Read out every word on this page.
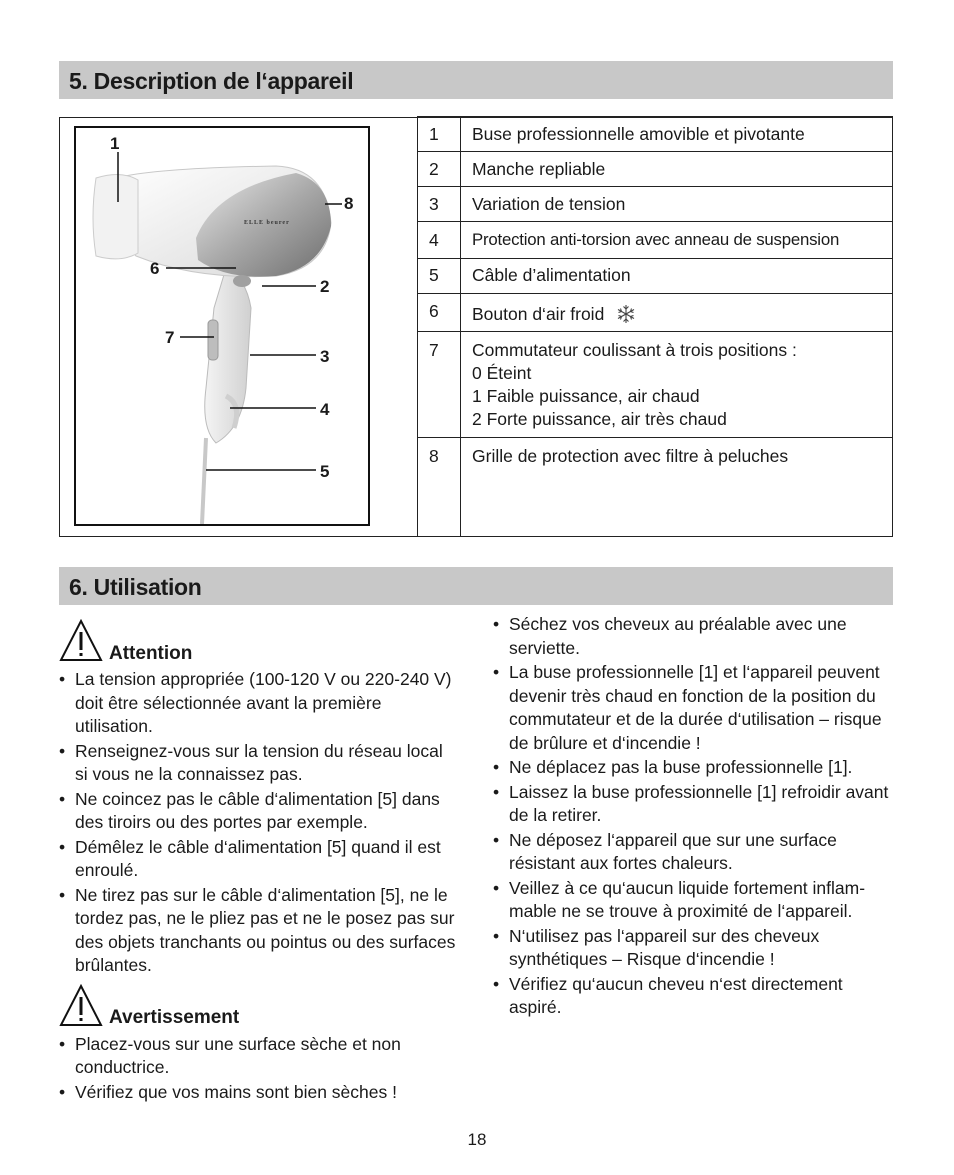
5. Description de l‘appareil
ELLE beurer
1
2
3
4
5
6
7
8
1	Buse professionnelle amovible et pivotante
2	Manche repliable
3	Variation de tension
4	Protection anti-torsion avec anneau de suspension
5	Câble d’alimentation
6	Bouton d‘air froid
7	Commutateur coulissant à trois positions :
0 Éteint
1 Faible puissance, air chaud
2 Forte puissance, air très chaud

8	Grille de protection avec filtre à peluches
6. Utilisation
Attention
• La tension appropriée (100-120 V ou 220-240 V) doit être sélectionnée avant la première utilisation.
• Renseignez-vous sur la tension du réseau local si vous ne la connaissez pas.
• Ne coincez pas le câble d‘alimentation [5] dans des tiroirs ou des portes par exemple.
• Démêlez le câble d‘alimentation [5] quand il est enroulé.
• Ne tirez pas sur le câble d‘alimentation [5], ne le tordez pas, ne le pliez pas et ne le posez pas sur des objets tranchants ou pointus ou des surfaces brûlantes.
Avertissement
• Placez-vous sur une surface sèche et non conductrice.
• Vérifiez que vos mains sont bien sèches !
• Séchez vos cheveux au préalable avec une serviette.
• La buse professionnelle [1] et l‘appareil peuvent devenir très chaud en fonction de la position du commutateur et de la durée d‘utilisation – risque de brûlure et d‘incendie !
• Ne déplacez pas la buse professionnelle [1].
• Laissez la buse professionnelle [1] refroidir avant de la retirer.
• Ne déposez l‘appareil que sur une surface résistant aux fortes chaleurs.
• Veillez à ce qu‘aucun liquide fortement inflam-mable ne se trouve à proximité de l‘appareil.
• N‘utilisez pas l‘appareil sur des cheveux synthétiques – Risque d‘incendie !
• Vérifiez qu‘aucun cheveu n‘est directement aspiré.
18
